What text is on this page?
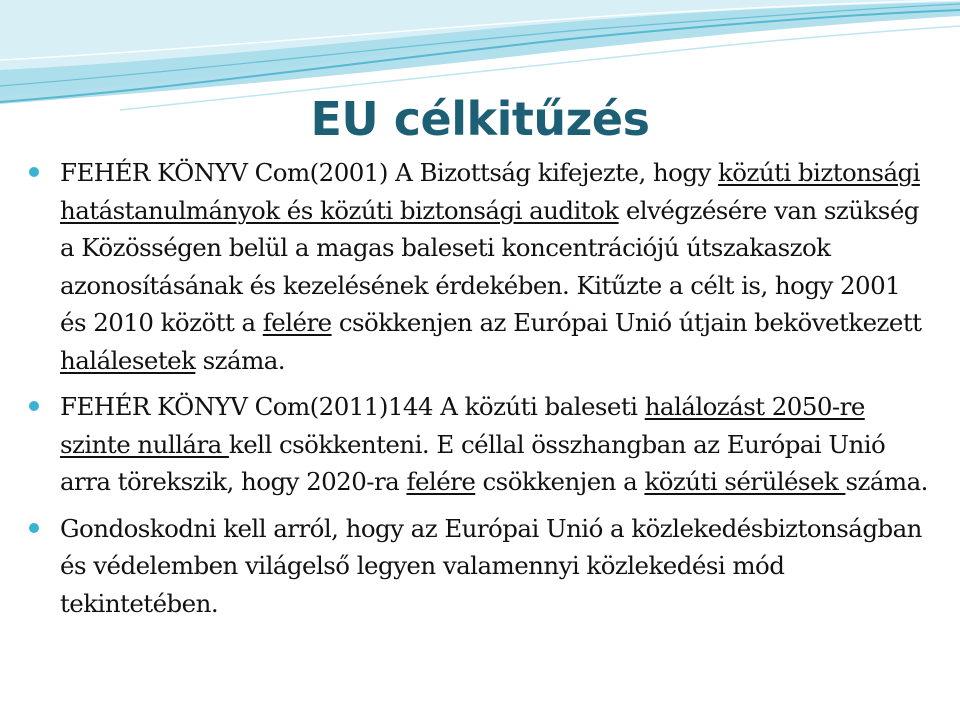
EU célkitűzés
FEHÉR KÖNYV Com(2001) A Bizottság kifejezte, hogy közúti biztonsági hatástanulmányok és közúti biztonsági auditok elvégzésére van szükség a Közösségen belül a magas baleseti koncentrációjú útszakaszok azonosításának és kezelésének érdekében. Kitűzte a célt is, hogy 2001 és 2010 között a felére csökkenjen az Európai Unió útjain bekövetkezett halálesetek száma.
FEHÉR KÖNYV Com(2011)144 A közúti baleseti halálozást 2050-re szinte nullára kell csökkenteni. E céllal összhangban az Európai Unió arra törekszik, hogy 2020-ra felére csökkenjen a közúti sérülések száma.
Gondoskodni kell arról, hogy az Európai Unió a közlekedésbiztonságban és védelemben világelső legyen valamennyi közlekedési mód tekintetében.
